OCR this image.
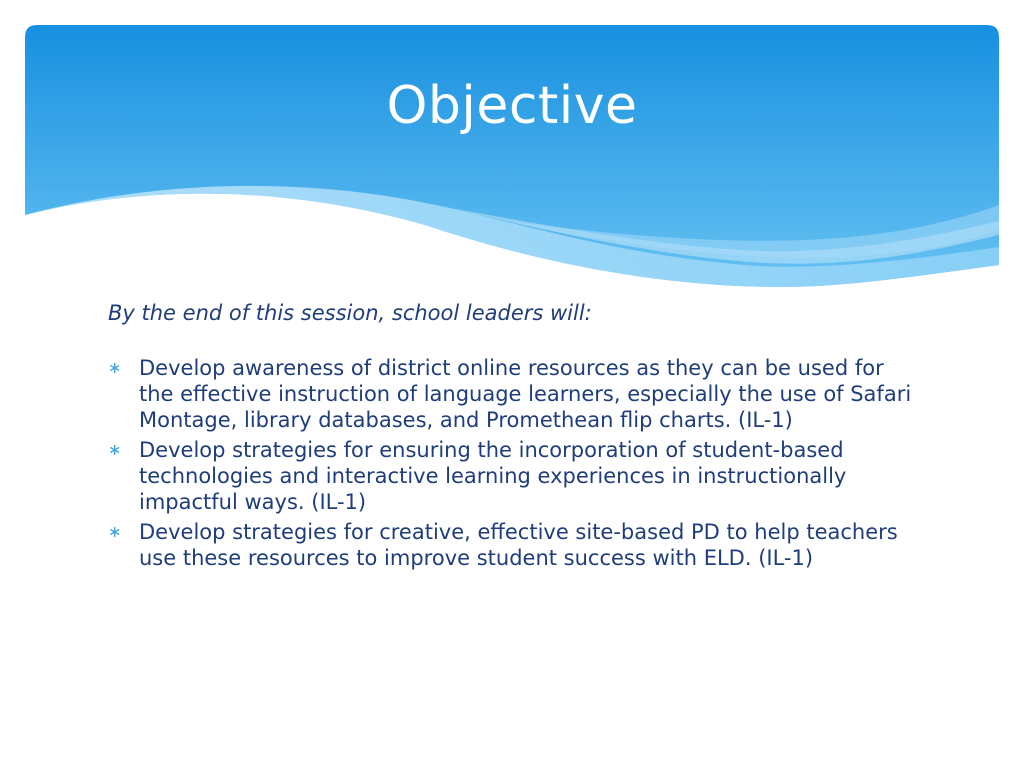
Objective

By the end of this session, school leaders will:

∗ Develop awareness of district online resources as they can be used for the effective instruction of language learners, especially the use of Safari Montage, library databases, and Promethean flip charts. (IL-1)
∗ Develop strategies for ensuring the incorporation of student-based technologies and interactive learning experiences in instructionally impactful ways. (IL-1)
∗ Develop strategies for creative, effective site-based PD to help teachers use these resources to improve student success with ELD. (IL-1)
